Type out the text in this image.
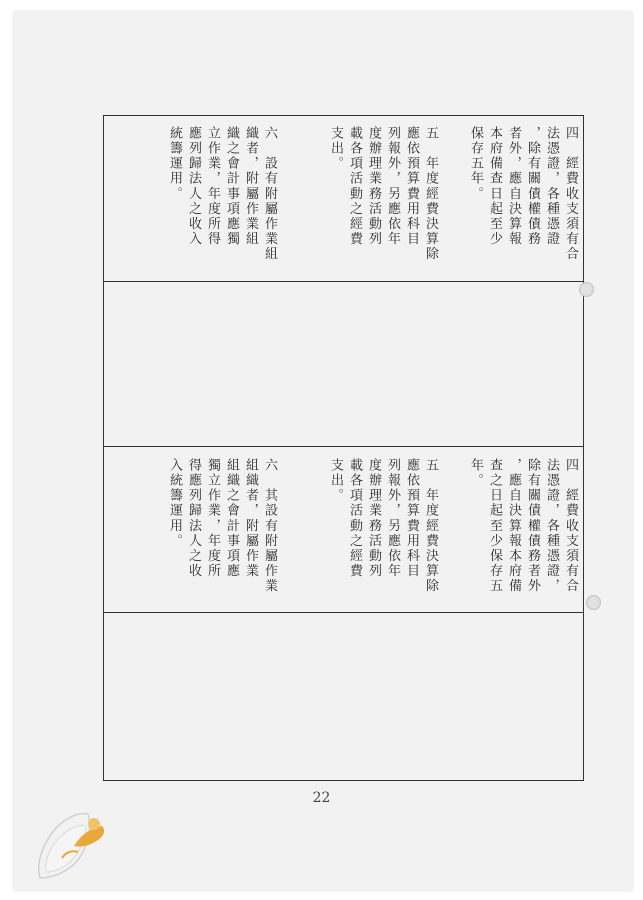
四　經費收支須有合
法憑證，各種憑證
，除有關債權債務
者外，應自決算報
本府備查日起至少
保存五年。
五　年度經費決算除
應依預算費用科目
列報外，另應依年
度辦理業務活動列
載各項活動之經費
支出。
六　設有附屬作業組
織者，附屬作業組
織之會計事項應獨
立作業，年度所得
應列歸法人之收入
統籌運用。
四　經費收支須有合
法憑證，各種憑證，
除有關債權債務者外
，應自決算報本府備
查之日起至少保存五
年。
五　年度經費決算除
應依預算費用科目
列報外，另應依年
度辦理業務活動列
載各項活動之經費
支出。
六　其設有附屬作業
組織者，附屬作業
組織之會計事項應
獨立作業，年度所
得應列歸法人之收
入統籌運用。
22
